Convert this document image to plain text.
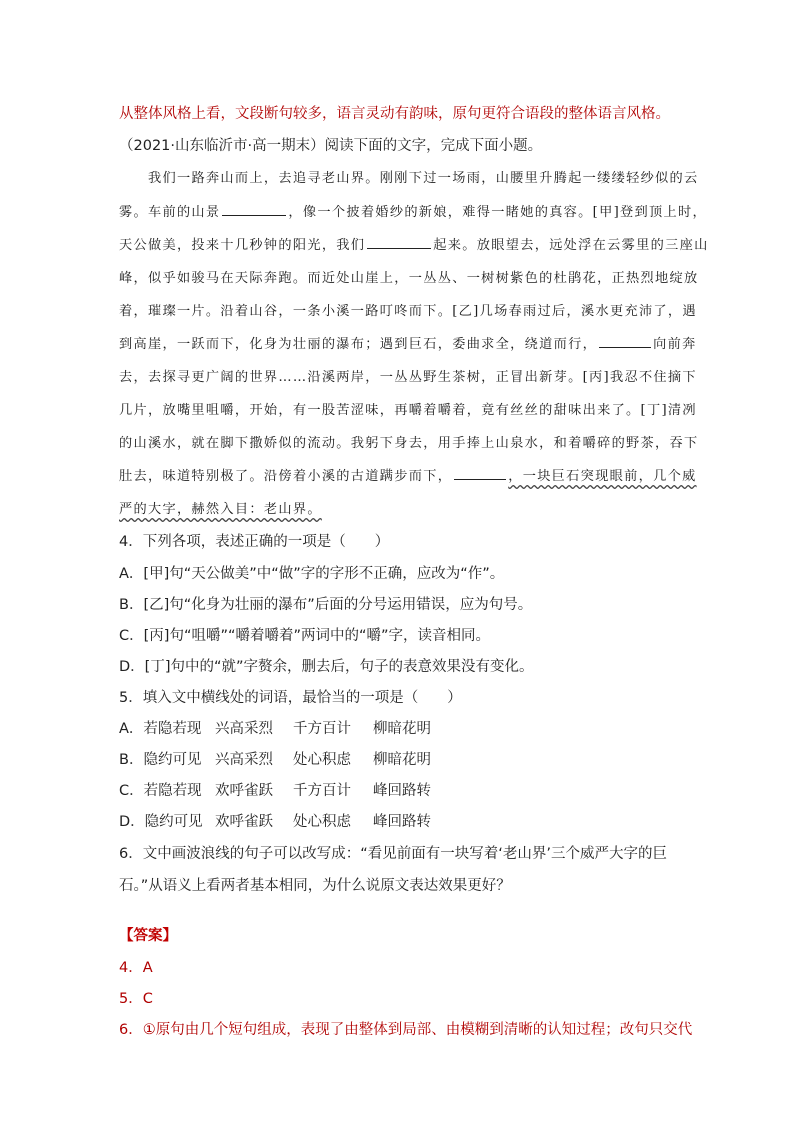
从整体风格上看，文段断句较多，语言灵动有韵味，原句更符合语段的整体语言风格。
（2021·山东临沂市·高一期末）阅读下面的文字，完成下面小题。
我们一路奔山而上，去追寻老山界。刚刚下过一场雨，山腰里升腾起一缕缕轻纱似的云
雾。车前的山景	，像一个披着婚纱的新娘，难得一睹她的真容。[甲]登到顶上时，
天公做美，投来十几秒钟的阳光，我们	起来。放眼望去，远处浮在云雾里的三座山
峰，似乎如骏马在天际奔跑。而近处山崖上，一丛丛、一树树紫色的杜鹃花，正热烈地绽放
着，璀璨一片。沿着山谷，一条小溪一路叮咚而下。[乙]几场春雨过后，溪水更充沛了，遇
到高崖，一跃而下，化身为壮丽的瀑布；遇到巨石，委曲求全，绕道而行，	向前奔
去，去探寻更广阔的世界……沿溪两岸，一丛丛野生茶树，正冒出新芽。[丙]我忍不住摘下
几片，放嘴里咀嚼，开始，有一股苦涩味，再嚼着嚼着，竟有丝丝的甜味出来了。[丁]清冽
的山溪水，就在脚下撒娇似的流动。我躬下身去，用手捧上山泉水，和着嚼碎的野茶，吞下
肚去，味道特别极了。沿傍着小溪的古道蹒步而下，	，一块巨石突现眼前，几个威
严的大字，赫然入目：老山界。
4．下列各项，表述正确的一项是（　　）
A．[甲]句“天公做美”中“做”字的字形不正确，应改为“作”。
B．[乙]句“化身为壮丽的瀑布”后面的分号运用错误，应为句号。
C．[丙]句“咀嚼”“嚼着嚼着”两词中的“嚼”字，读音相同。
D．[丁]句中的“就”字赘余，删去后，句子的表意效果没有变化。
5．填入文中横线处的词语，最恰当的一项是（　　）
A．若隐若现 兴高采烈 千方百计 柳暗花明
B．隐约可见 兴高采烈 处心积虑 柳暗花明
C．若隐若现 欢呼雀跃 千方百计 峰回路转
D．隐约可见 欢呼雀跃 处心积虑 峰回路转
6．文中画波浪线的句子可以改写成：“看见前面有一块写着‘老山界’三个威严大字的巨
石。”从语义上看两者基本相同，为什么说原文表达效果更好？
【答案】
4．A
5．C
6．①原句由几个短句组成，表现了由整体到局部、由模糊到清晰的认知过程；改句只交代
